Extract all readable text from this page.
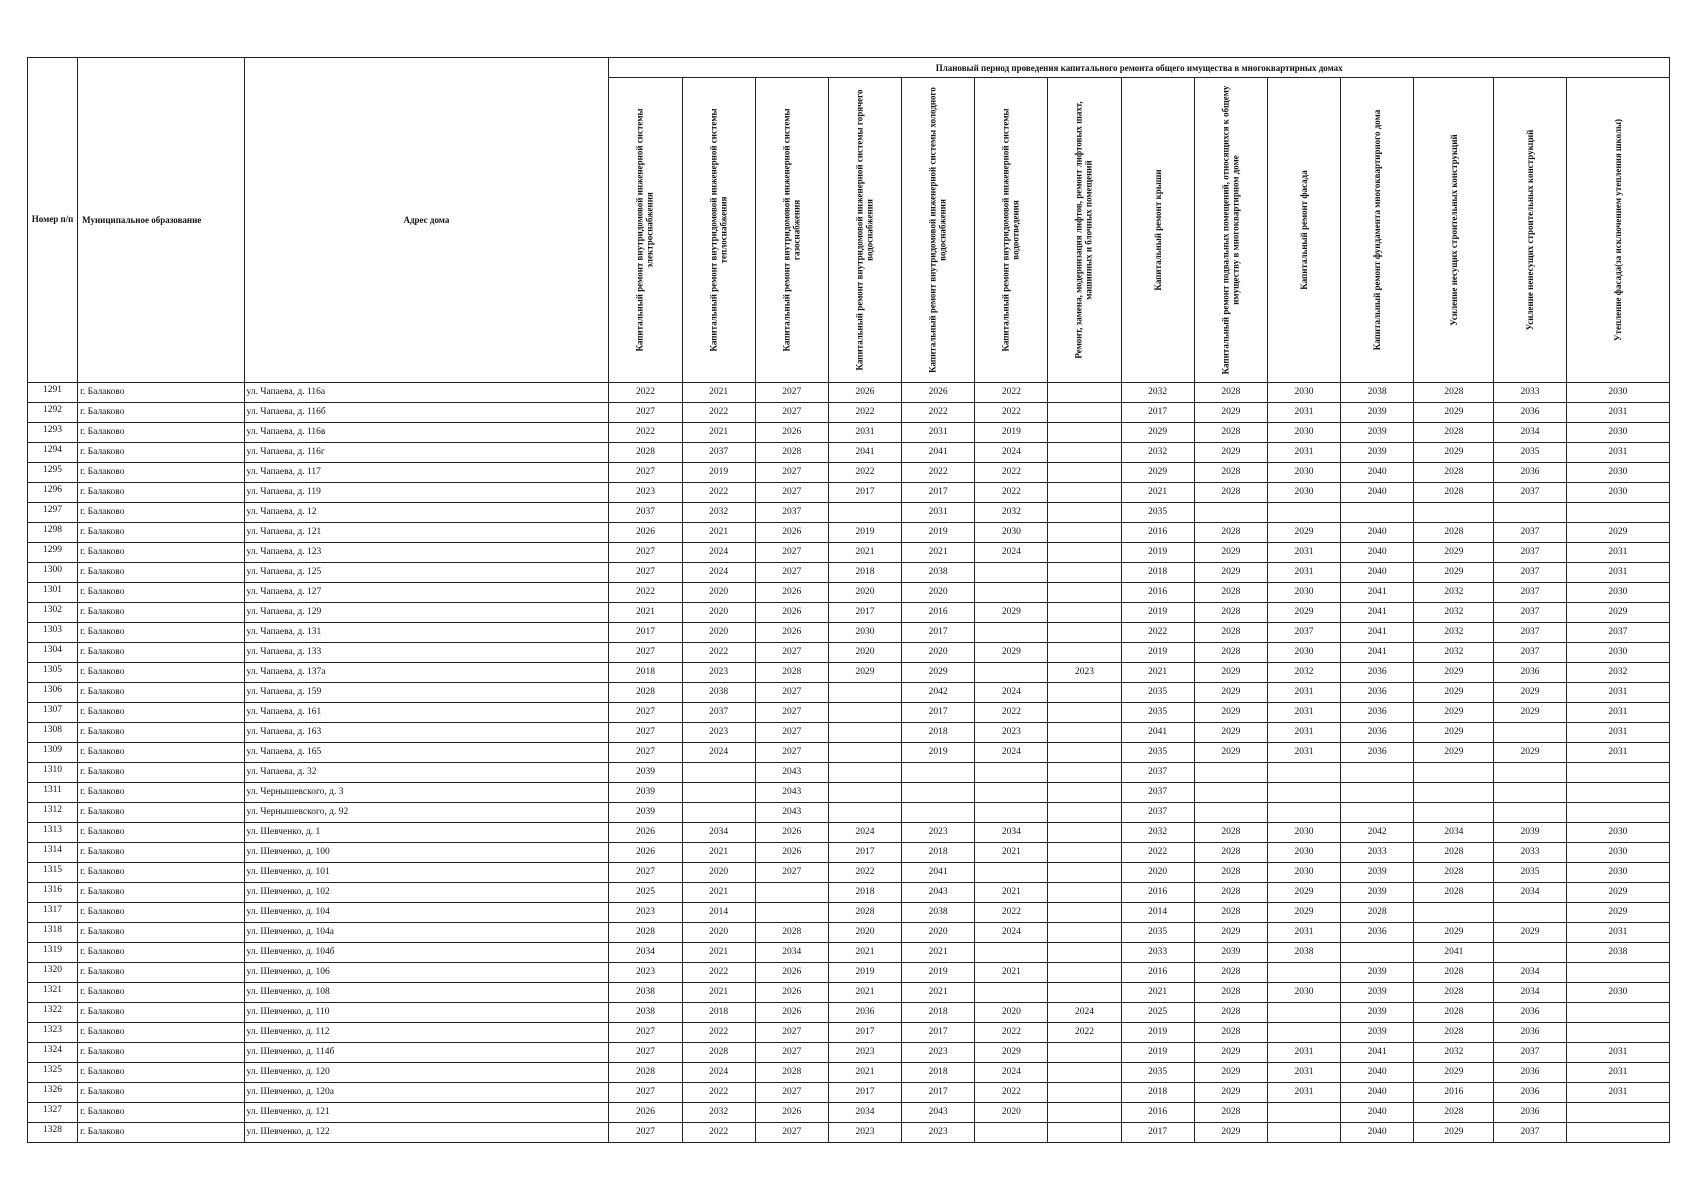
Номер п/п	Муниципальное образование	Адрес дома	Плановый период проведения капитального ремонта общего имущества в многоквартирных домах													

			Капитальный ремонт внутридомовой инженерной системы электроснабжения	Капитальный ремонт внутридомовой инженерной системы теплоснабжения	Капитальный ремонт внутридомовой инженерной системы газоснабжения	Капитальный ремонт внутридомовой инженерной системы горячего водоснабжения	Капитальный ремонт внутридомовой инженерной системы холодного водоснабжения	Капитальный ремонт внутридомовой инженерной системы водоотведения	Ремонт, замена, модернизация лифтов, ремонт лифтовых шахт, машинных и блочных помещений	Капитальный ремонт крыши	Капитальный ремонт подвальных помещений, относящихся к общему имуществу в многоквартирном доме	Капитальный ремонт фасада	Капитальный ремонт фундамента многоквартирного дома	Усиление несущих строительных конструкций	Усиление ненесущих строительных конструкций	Утепление фасада(за исключением утепления школы)

1291	г. Балаково	ул. Чапаева, д. 116а	2022	2021	2027	2026	2026	2022		2032	2028	2030	2038	2028	2033	2030
1292	г. Балаково	ул. Чапаева, д. 116б	2027	2022	2027	2022	2022	2022		2017	2029	2031	2039	2029	2036	2031
1293	г. Балаково	ул. Чапаева, д. 116в	2022	2021	2026	2031	2031	2019		2029	2028	2030	2039	2028	2034	2030
1294	г. Балаково	ул. Чапаева, д. 116г	2028	2037	2028	2041	2041	2024		2032	2029	2031	2039	2029	2035	2031
1295	г. Балаково	ул. Чапаева, д. 117	2027	2019	2027	2022	2022	2022		2029	2028	2030	2040	2028	2036	2030
1296	г. Балаково	ул. Чапаева, д. 119	2023	2022	2027	2017	2017	2022		2021	2028	2030	2040	2028	2037	2030
1297	г. Балаково	ул. Чапаева, д. 12	2037	2032	2037		2031	2032		2035						
1298	г. Балаково	ул. Чапаева, д. 121	2026	2021	2026	2019	2019	2030		2016	2028	2029	2040	2028	2037	2029
1299	г. Балаково	ул. Чапаева, д. 123	2027	2024	2027	2021	2021	2024		2019	2029	2031	2040	2029	2037	2031
1300	г. Балаково	ул. Чапаева, д. 125	2027	2024	2027	2018	2038			2018	2029	2031	2040	2029	2037	2031
1301	г. Балаково	ул. Чапаева, д. 127	2022	2020	2026	2020	2020			2016	2028	2030	2041	2032	2037	2030
1302	г. Балаково	ул. Чапаева, д. 129	2021	2020	2026	2017	2016	2029		2019	2028	2029	2041	2032	2037	2029
1303	г. Балаково	ул. Чапаева, д. 131	2017	2020	2026	2030	2017			2022	2028	2037	2041	2032	2037	2037
1304	г. Балаково	ул. Чапаева, д. 133	2027	2022	2027	2020	2020	2029		2019	2028	2030	2041	2032	2037	2030
1305	г. Балаково	ул. Чапаева, д. 137а	2018	2023	2028	2029	2029		2023	2021	2029	2032	2036	2029	2036	2032
1306	г. Балаково	ул. Чапаева, д. 159	2028	2038	2027		2042	2024		2035	2029	2031	2036	2029	2029	2031
1307	г. Балаково	ул. Чапаева, д. 161	2027	2037	2027		2017	2022		2035	2029	2031	2036	2029	2029	2031
1308	г. Балаково	ул. Чапаева, д. 163	2027	2023	2027		2018	2023		2041	2029	2031	2036	2029		2031
1309	г. Балаково	ул. Чапаева, д. 165	2027	2024	2027		2019	2024		2035	2029	2031	2036	2029	2029	2031
1310	г. Балаково	ул. Чапаева, д. 32	2039		2043					2037						
1311	г. Балаково	ул. Чернышевского, д. 3	2039		2043					2037						
1312	г. Балаково	ул. Чернышевского, д. 92	2039		2043					2037						
1313	г. Балаково	ул. Шевченко, д. 1	2026	2034	2026	2024	2023	2034		2032	2028	2030	2042	2034	2039	2030
1314	г. Балаково	ул. Шевченко, д. 100	2026	2021	2026	2017	2018	2021		2022	2028	2030	2033	2028	2033	2030
1315	г. Балаково	ул. Шевченко, д. 101	2027	2020	2027	2022	2041			2020	2028	2030	2039	2028	2035	2030
1316	г. Балаково	ул. Шевченко, д. 102	2025	2021		2018	2043	2021		2016	2028	2029	2039	2028	2034	2029
1317	г. Балаково	ул. Шевченко, д. 104	2023	2014		2028	2038	2022		2014	2028	2029	2028			2029
1318	г. Балаково	ул. Шевченко, д. 104а	2028	2020	2028	2020	2020	2024		2035	2029	2031	2036	2029	2029	2031
1319	г. Балаково	ул. Шевченко, д. 104б	2034	2021	2034	2021	2021			2033	2039	2038		2041		2038
1320	г. Балаково	ул. Шевченко, д. 106	2023	2022	2026	2019	2019	2021		2016	2028		2039	2028	2034	
1321	г. Балаково	ул. Шевченко, д. 108	2038	2021	2026	2021	2021			2021	2028	2030	2039	2028	2034	2030
1322	г. Балаково	ул. Шевченко, д. 110	2038	2018	2026	2036	2018	2020	2024	2025	2028		2039	2028	2036	
1323	г. Балаково	ул. Шевченко, д. 112	2027	2022	2027	2017	2017	2022	2022	2019	2028		2039	2028	2036	
1324	г. Балаково	ул. Шевченко, д. 114б	2027	2028	2027	2023	2023	2029		2019	2029	2031	2041	2032	2037	2031
1325	г. Балаково	ул. Шевченко, д. 120	2028	2024	2028	2021	2018	2024		2035	2029	2031	2040	2029	2036	2031
1326	г. Балаково	ул. Шевченко, д. 120а	2027	2022	2027	2017	2017	2022		2018	2029	2031	2040	2016	2036	2031
1327	г. Балаково	ул. Шевченко, д. 121	2026	2032	2026	2034	2043	2020		2016	2028		2040	2028	2036	
1328	г. Балаково	ул. Шевченко, д. 122	2027	2022	2027	2023	2023			2017	2029		2040	2029	2037	
